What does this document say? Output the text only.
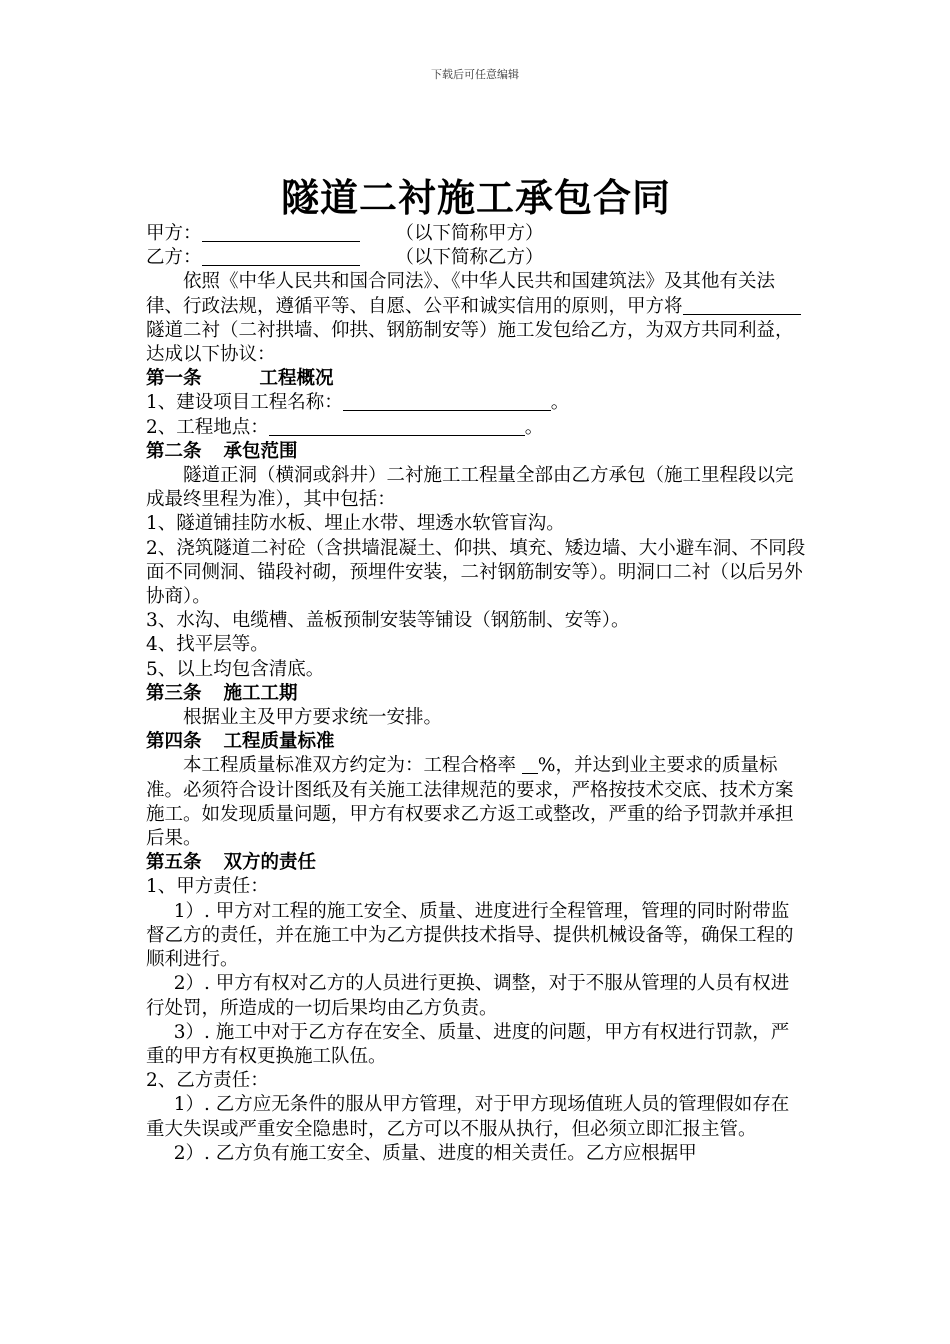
下载后可任意编辑
隧道二衬施工承包合同

甲方：	（以下简称甲方）

乙方：	（以下简称乙方）

依照《中华人民共和国合同法》、《中华人民共和国建筑法》及其他有关法律、行政法规，遵循平等、自愿、公平和诚实信用的原则，甲方将隧道二衬（二衬拱墙、仰拱、钢筋制安等）施工发包给乙方，为双方共同利益，达成以下协议：

第一条	工程概况

1、建设项目工程名称：	。

2、工程地点：	。

第二条 承包范围

隧道正洞（横洞或斜井）二衬施工工程量全部由乙方承包（施工里程段以完成最终里程为准），其中包括：

1、隧道铺挂防水板、埋止水带、埋透水软管盲沟。

2、浇筑隧道二衬砼（含拱墙混凝土、仰拱、填充、矮边墙、大小避车洞、不同段面不同侧洞、锚段衬砌，预埋件安装，二衬钢筋制安等）。明洞口二衬（以后另外协商）。

3、水沟、电缆槽、盖板预制安装等铺设（钢筋制、安等）。

4、找平层等。

5、以上均包含清底。

第三条 施工工期

根据业主及甲方要求统一安排。

第四条 工程质量标准

本工程质量标准双方约定为：工程合格率 %，并达到业主要求的质量标准。必须符合设计图纸及有关施工法律规范的要求，严格按技术交底、技术方案施工。如发现质量问题，甲方有权要求乙方返工或整改，严重的给予罚款并承担后果。

第五条 双方的责任

1、甲方责任：

1）. 甲方对工程的施工安全、质量、进度进行全程管理，管理的同时附带监督乙方的责任，并在施工中为乙方提供技术指导、提供机械设备等，确保工程的顺利进行。

2）. 甲方有权对乙方的人员进行更换、调整，对于不服从管理的人员有权进行处罚，所造成的一切后果均由乙方负责。

3）. 施工中对于乙方存在安全、质量、进度的问题，甲方有权进行罚款，严重的甲方有权更换施工队伍。

2、乙方责任：

1）. 乙方应无条件的服从甲方管理，对于甲方现场值班人员的管理假如存在重大失误或严重安全隐患时，乙方可以不服从执行，但必须立即汇报主管。

2）. 乙方负有施工安全、质量、进度的相关责任。乙方应根据甲
